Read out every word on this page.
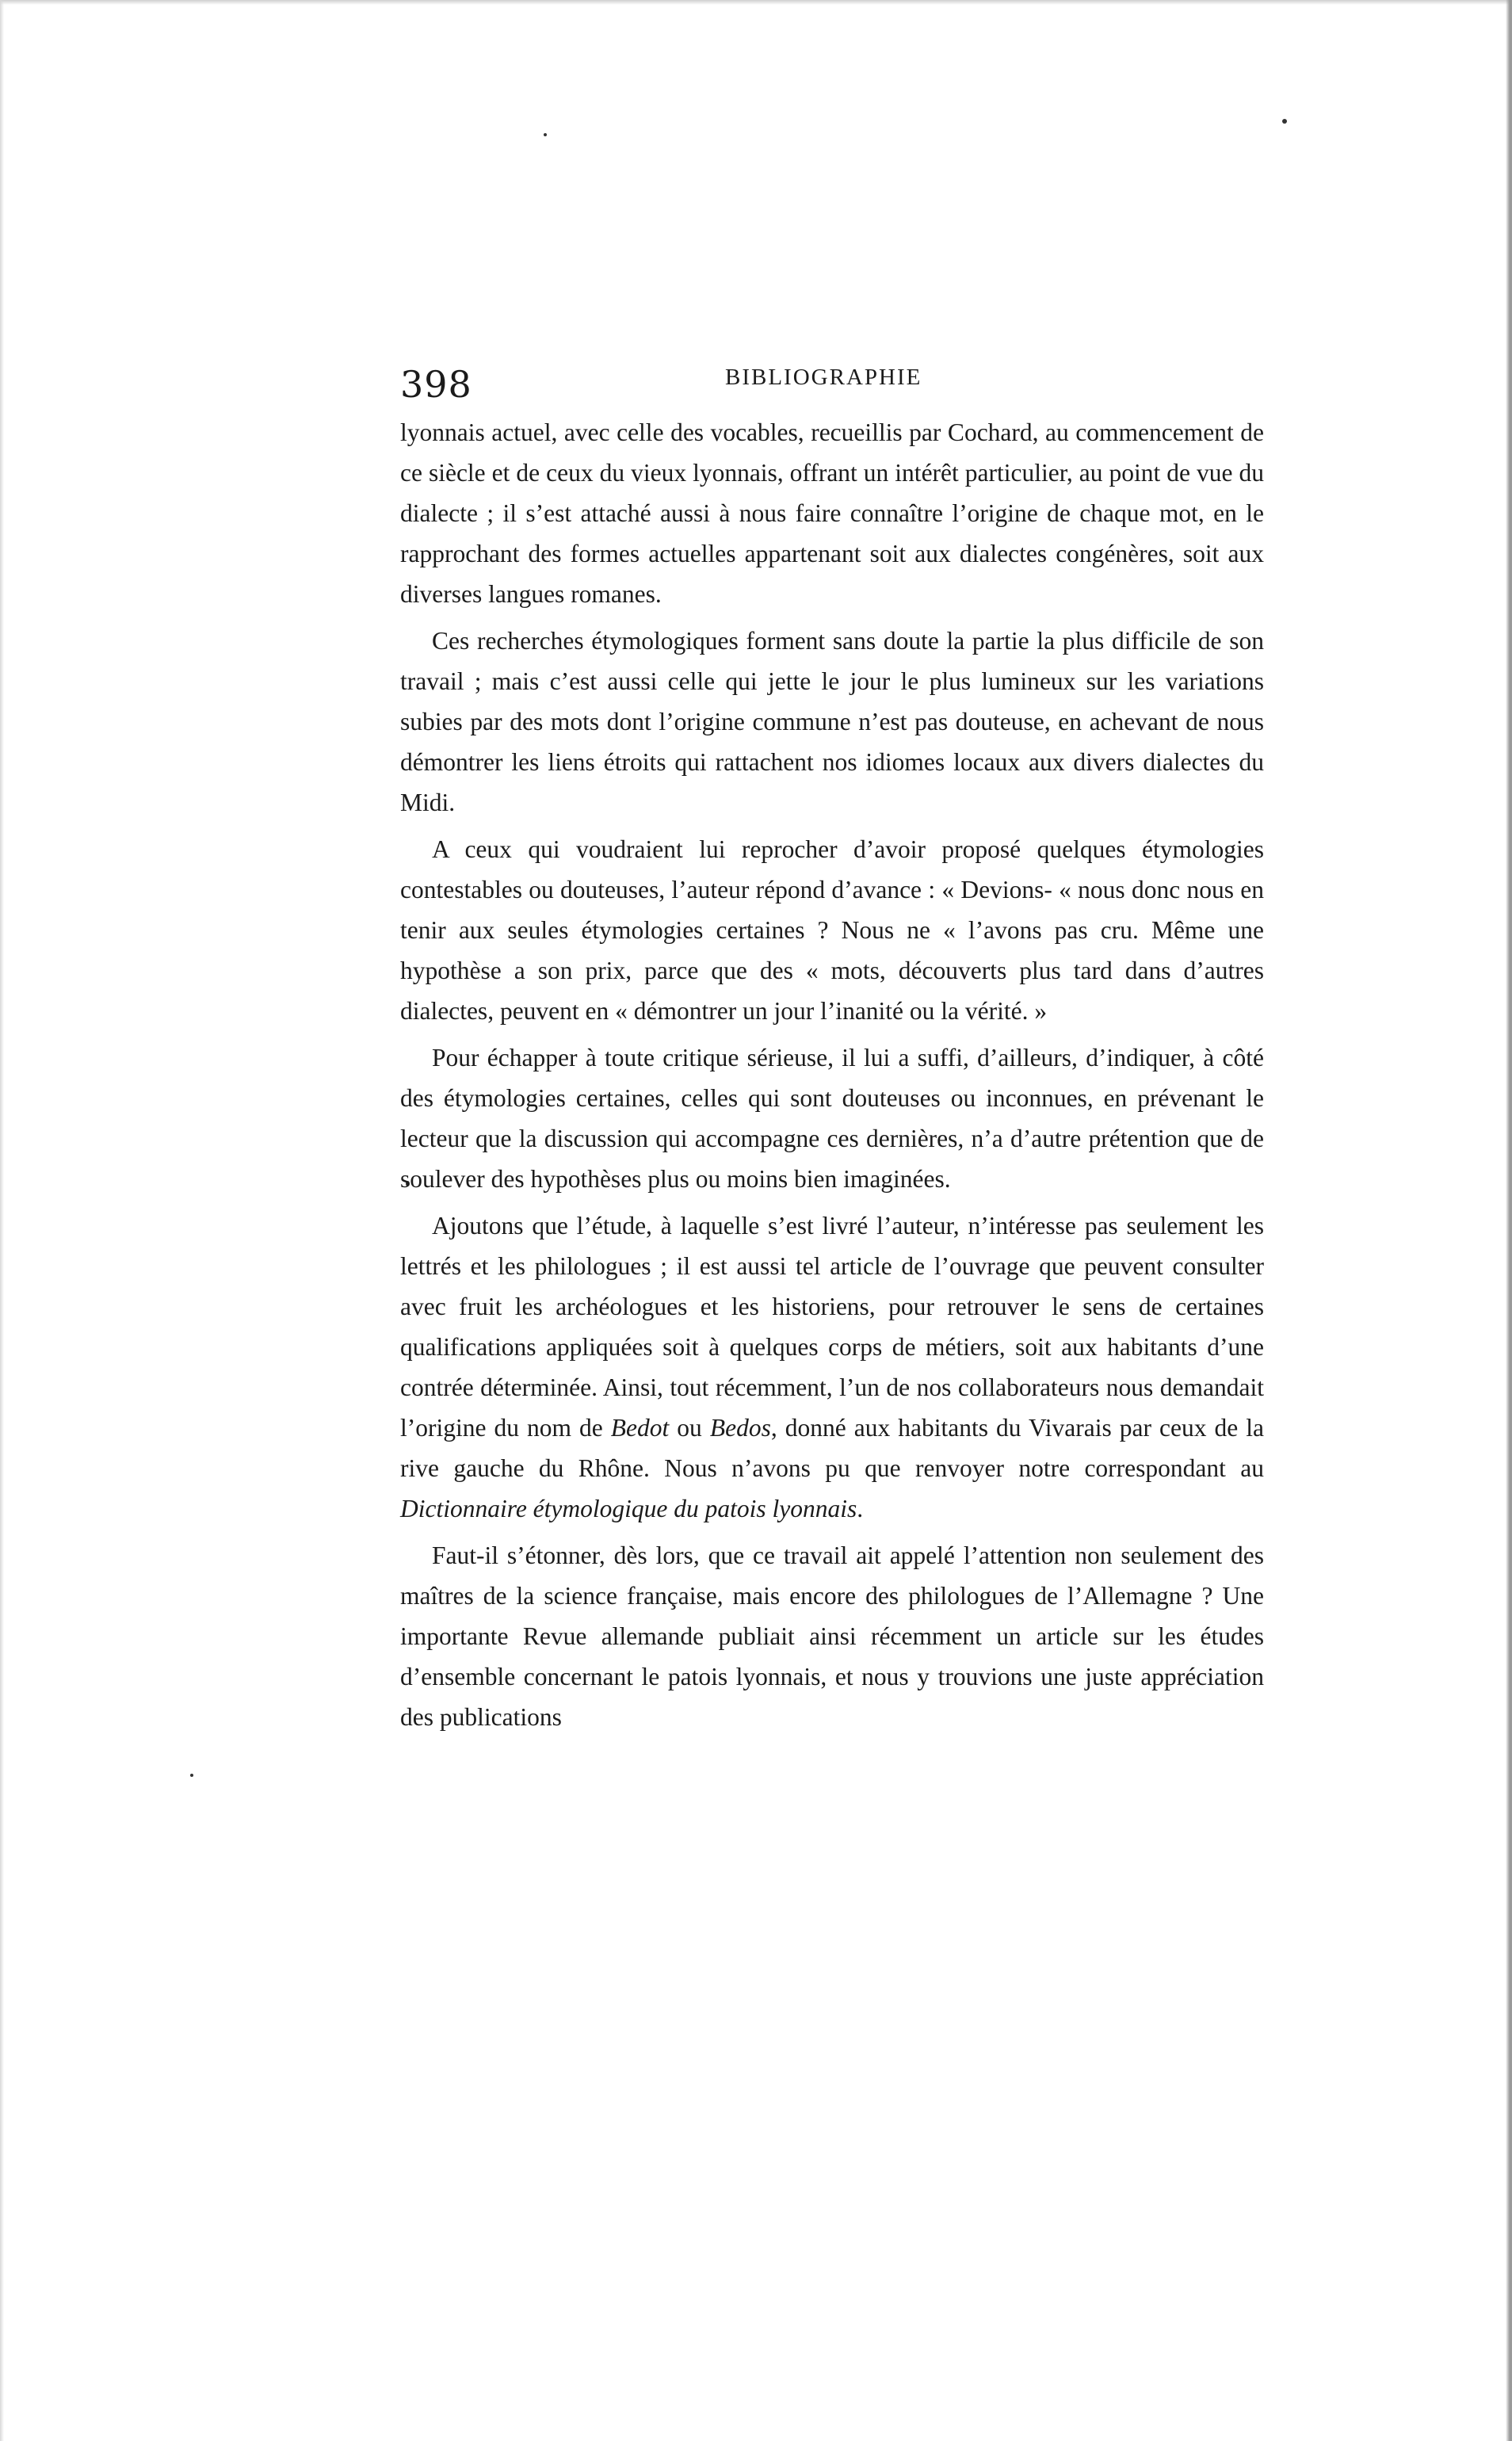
398	BIBLIOGRAPHIE

lyonnais actuel, avec celle des vocables, recueillis par Cochard, au commencement de ce siècle et de ceux du vieux lyonnais, offrant un intérêt particulier, au point de vue du dialecte ; il s’est attaché aussi à nous faire connaître l’origine de chaque mot, en le rapprochant des formes actuelles appartenant soit aux dialectes congénères, soit aux diverses langues romanes.

Ces recherches étymologiques forment sans doute la partie la plus difficile de son travail ; mais c’est aussi celle qui jette le jour le plus lumineux sur les variations subies par des mots dont l’origine commune n’est pas douteuse, en achevant de nous démontrer les liens étroits qui rattachent nos idiomes locaux aux divers dialectes du Midi.

A ceux qui voudraient lui reprocher d’avoir proposé quelques étymologies contestables ou douteuses, l’auteur répond d’avance : « Devions- « nous donc nous en tenir aux seules étymologies certaines ? Nous ne « l’avons pas cru. Même une hypothèse a son prix, parce que des « mots, découverts plus tard dans d’autres dialectes, peuvent en « démontrer un jour l’inanité ou la vérité. »

Pour échapper à toute critique sérieuse, il lui a suffi, d’ailleurs, d’indiquer, à côté des étymologies certaines, celles qui sont douteuses ou inconnues, en prévenant le lecteur que la discussion qui accompagne ces dernières, n’a d’autre prétention que de soulever des hypothèses plus ou moins bien imaginées.

Ajoutons que l’étude, à laquelle s’est livré l’auteur, n’intéresse pas seulement les lettrés et les philologues ; il est aussi tel article de l’ouvrage que peuvent consulter avec fruit les archéologues et les historiens, pour retrouver le sens de certaines qualifications appliquées soit à quelques corps de métiers, soit aux habitants d’une contrée déterminée. Ainsi, tout récemment, l’un de nos collaborateurs nous demandait l’origine du nom de Bedot ou Bedos, donné aux habitants du Vivarais par ceux de la rive gauche du Rhône. Nous n’avons pu que renvoyer notre correspondant au Dictionnaire étymologique du patois lyonnais.

Faut-il s’étonner, dès lors, que ce travail ait appelé l’attention non seulement des maîtres de la science française, mais encore des philologues de l’Allemagne ? Une importante Revue allemande publiait ainsi récemment un article sur les études d’ensemble concernant le patois lyonnais, et nous y trouvions une juste appréciation des publications
